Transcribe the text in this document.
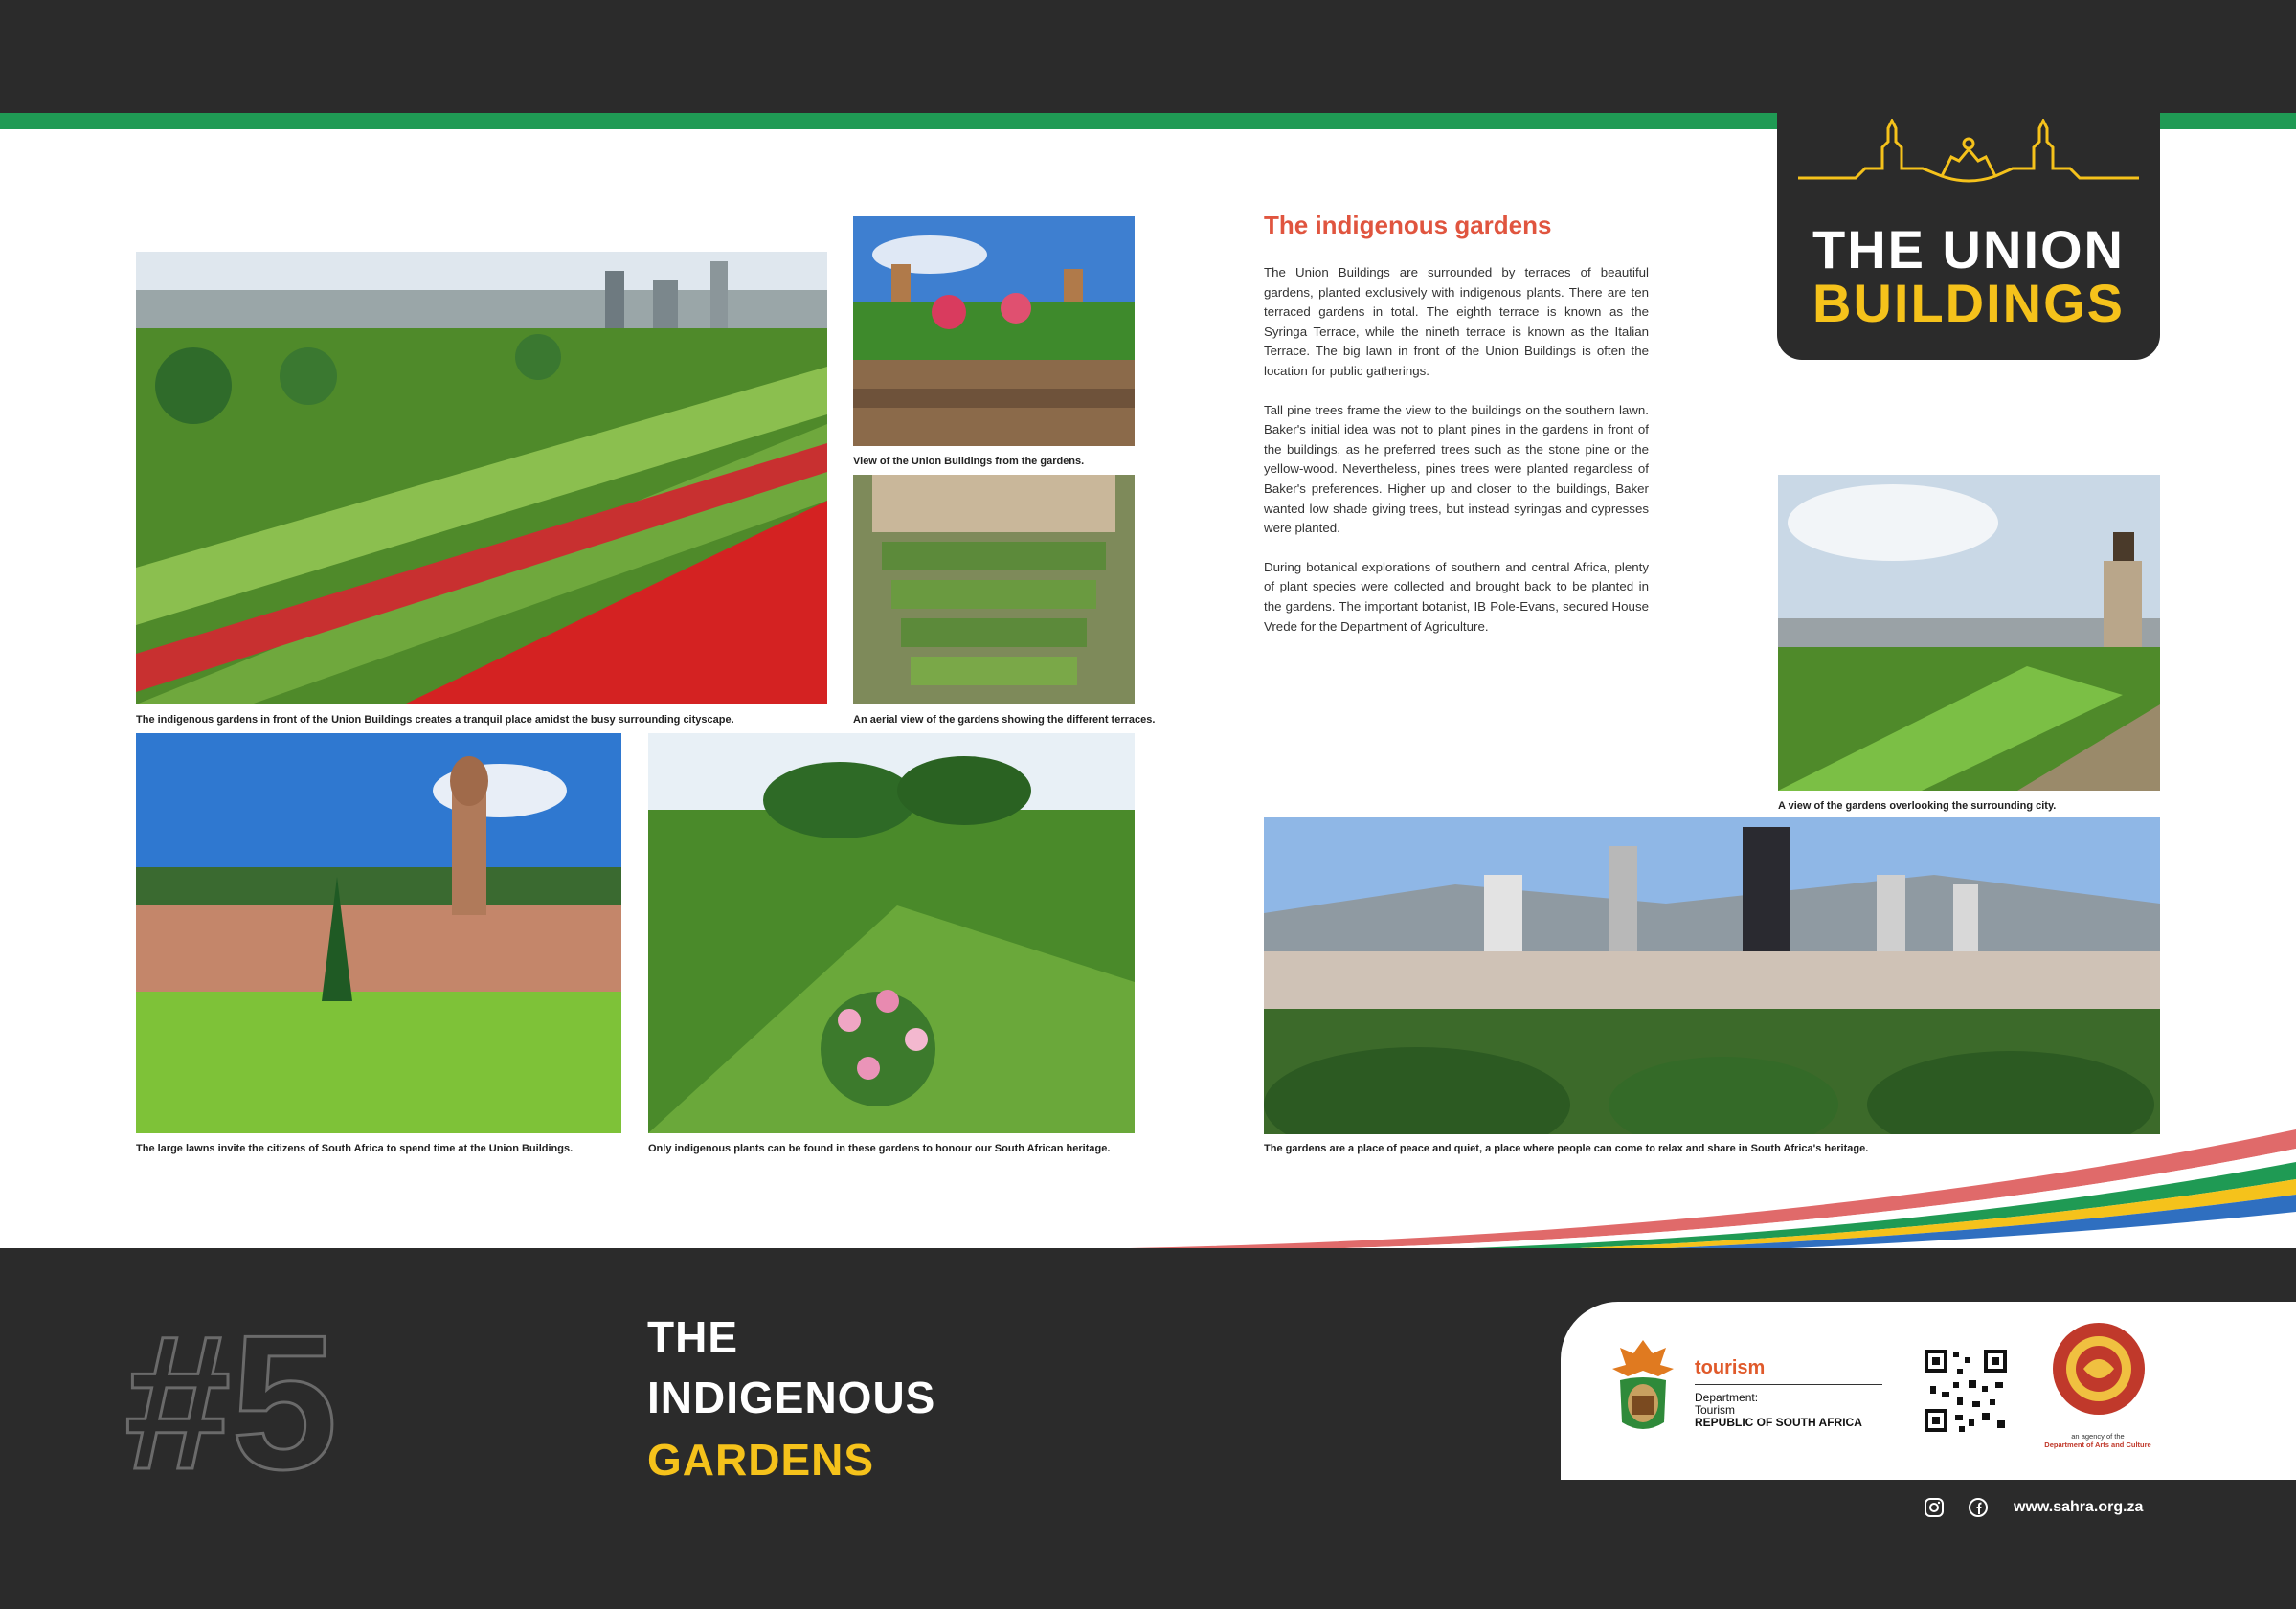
THE UNION
BUILDINGS
The indigenous gardens in front of the Union Buildings creates a tranquil place amidst the busy surrounding cityscape.
View of the Union Buildings from the gardens.
An aerial view of the gardens showing the different terraces.
The large lawns invite the citizens of South Africa to spend time at the Union Buildings.	Only indigenous plants can be found in these gardens to honour our South African heritage.
The indigenous gardens

The Union Buildings are surrounded by terraces of beautiful gardens, planted exclusively with indigenous plants. There are ten terraced gardens in total. The eighth terrace is known as the Syringa Terrace, while the nineth terrace is known as the Italian Terrace. The big lawn in front of the Union Buildings is often the location for public gatherings.

Tall pine trees frame the view to the buildings on the southern lawn. Baker's initial idea was not to plant pines in the gardens in front of the buildings, as he preferred trees such as the stone pine or the yellow-wood. Nevertheless, pines trees were planted regardless of Baker's preferences. Higher up and closer to the buildings, Baker wanted low shade giving trees, but instead syringas and cypresses were planted.

During botanical explorations of southern and central Africa, plenty of plant species were collected and brought back to be planted in the gardens. The important botanist, IB Pole-Evans, secured House Vrede for the Department of Agriculture.

A view of the gardens overlooking the surrounding city.
The gardens are a place of peace and quiet, a place where people can come to relax and share in South Africa's heritage.
#5	THE
INDIGENOUS
GARDENS
tourism
Department:
Tourism
REPUBLIC OF SOUTH AFRICA
an agency of the
Department of Arts and Culture
www.sahra.org.za
